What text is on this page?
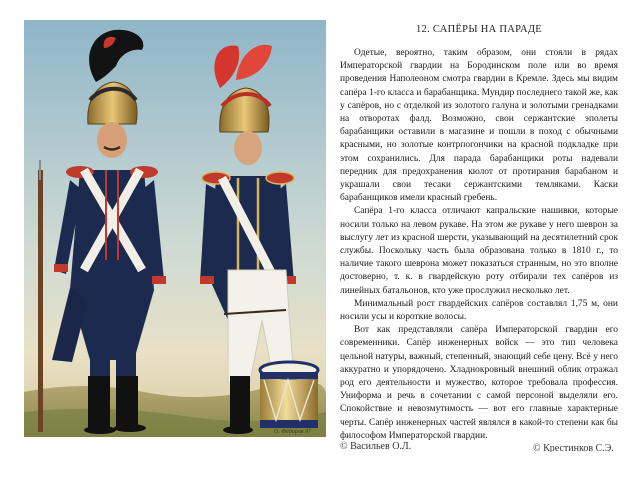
О. Фёдоров 97
12. САПЁРЫ НА ПАРАДЕ

Одетые, вероятно, таким образом, они стояли в рядах Императорской гвардии на Бородинском поле или во время проведения Наполеоном смотра гвардии в Кремле. Здесь мы видим сапёра 1-го класса и барабанщика. Мундир последнего такой же, как у сапёров, но с отделкой из золотого галуна и золотыми гренадками на отворотах фалд. Возможно, свои сержантские эполеты барабанщики оставили в магазине и пошли в поход с обычными красными, но золотые контрпогончики на красной подкладке при этом сохранились. Для парада барабанщики роты надевали передник для предохранения кюлот от протирания барабаном и украшали свои тесаки сержантскими темляками. Каски барабанщиков имели красный гребень.

Сапёра 1-го класса отличают капральские нашивки, которые носили только на левом рукаве. На этом же рукаве у него шеврон за выслугу лет из красной шерсти, указывающий на десятилетний срок службы. Поскольку часть была образована только в 1810 г., то наличие такого шеврона может показаться странным, но это вполне достоверно, т. к. в гвардейскую роту отбирали тех сапёров из линейных батальонов, кто уже прослужил несколько лет.

Минимальный рост гвардейских сапёров составлял 1,75 м, они носили усы и короткие волосы.

Вот как представляли сапёра Императорской гвардии его современники. Сапёр инженерных войск — это тип человека цельной натуры, важный, степенный, знающий себе цену. Всё у него аккуратно и упорядочено. Хладнокровный внешний облик отражал род его деятельности и мужество, которое требовала профессия. Униформа и речь в сочетании с самой персоной выделяли его. Спокойствие и невозмутимость — вот его главные характерные черты. Сапёр инженерных частей являлся в какой-то степени как бы философом Императорской гвардии.

© Васильев О.Л.	© Крестинков С.Э.
